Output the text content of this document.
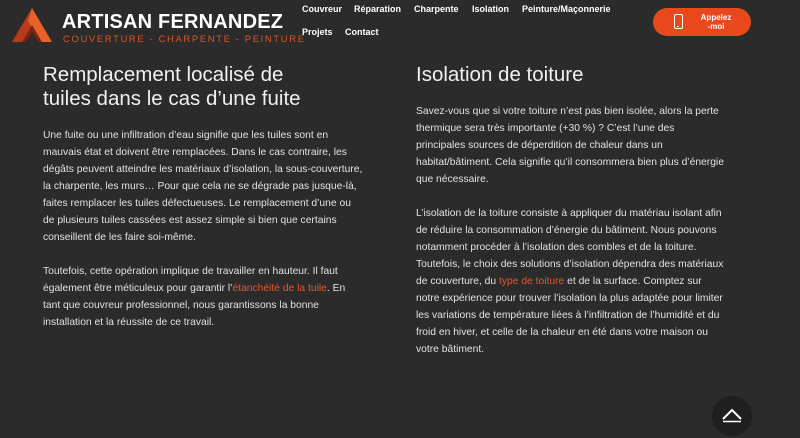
ARTISAN FERNANDEZ
COUVERTURE - CHARPENTE - PEINTURE
Couvreur Réparation Charpente Isolation Peinture/Maçonnerie
Projets Contact
Appelez
-moi
Remplacement localisé de
tuiles dans le cas d’une fuite

Une fuite ou une infiltration d’eau signifie que les tuiles sont en mauvais état et doivent être remplacées. Dans le cas contraire, les dégâts peuvent atteindre les matériaux d’isolation, la sous-couverture, la charpente, les murs… Pour que cela ne se dégrade pas jusque-là, faites remplacer les tuiles défectueuses. Le remplacement d’une ou de plusieurs tuiles cassées est assez simple si bien que certains conseillent de les faire soi-même.

Toutefois, cette opération implique de travailler en hauteur. Il faut également être méticuleux pour garantir l’étanchéité de la tuile. En tant que couvreur professionnel, nous garantissons la bonne installation et la réussite de ce travail.

Isolation de toiture

Savez-vous que si votre toiture n’est pas bien isolée, alors la perte thermique sera très importante (+30 %) ? C’est l’une des principales sources de déperdition de chaleur dans un habitat/bâtiment. Cela signifie qu’il consommera bien plus d’énergie que nécessaire.

L’isolation de la toiture consiste à appliquer du matériau isolant afin de réduire la consommation d’énergie du bâtiment. Nous pouvons notamment procéder à l’isolation des combles et de la toiture. Toutefois, le choix des solutions d’isolation dépendra des matériaux de couverture, du type de toiture et de la surface. Comptez sur notre expérience pour trouver l’isolation la plus adaptée pour limiter les variations de température liées à l’infiltration de l’humidité et du froid en hiver, et celle de la chaleur en été dans votre maison ou votre bâtiment.
